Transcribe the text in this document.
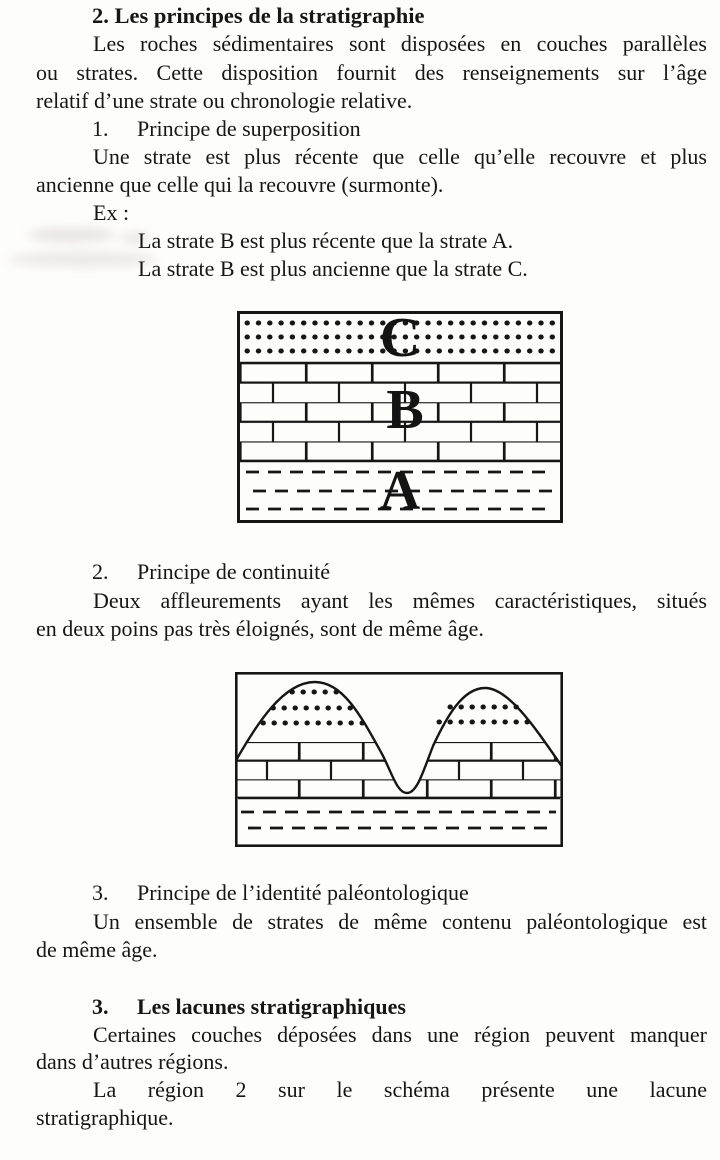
2. Les principes de la stratigraphie
Les roches sédimentaires sont disposées en couches parallèles
ou strates. Cette disposition fournit des renseignements sur l’âge
relatif d’une strate ou chronologie relative.
1. Principe de superposition
Une strate est plus récente que celle qu’elle recouvre et plus
ancienne que celle qui la recouvre (surmonte).
Ex :
La strate B est plus récente que la strate A.
La strate B est plus ancienne que la strate C.
C
B
A
2. Principe de continuité
Deux affleurements ayant les mêmes caractéristiques, situés
en deux poins pas très éloignés, sont de même âge.
3. Principe de l’identité paléontologique
Un ensemble de strates de même contenu paléontologique est
de même âge.
3. Les lacunes stratigraphiques
Certaines couches déposées dans une région peuvent manquer
dans d’autres régions.
La région 2 sur le schéma présente une lacune
stratigraphique.
